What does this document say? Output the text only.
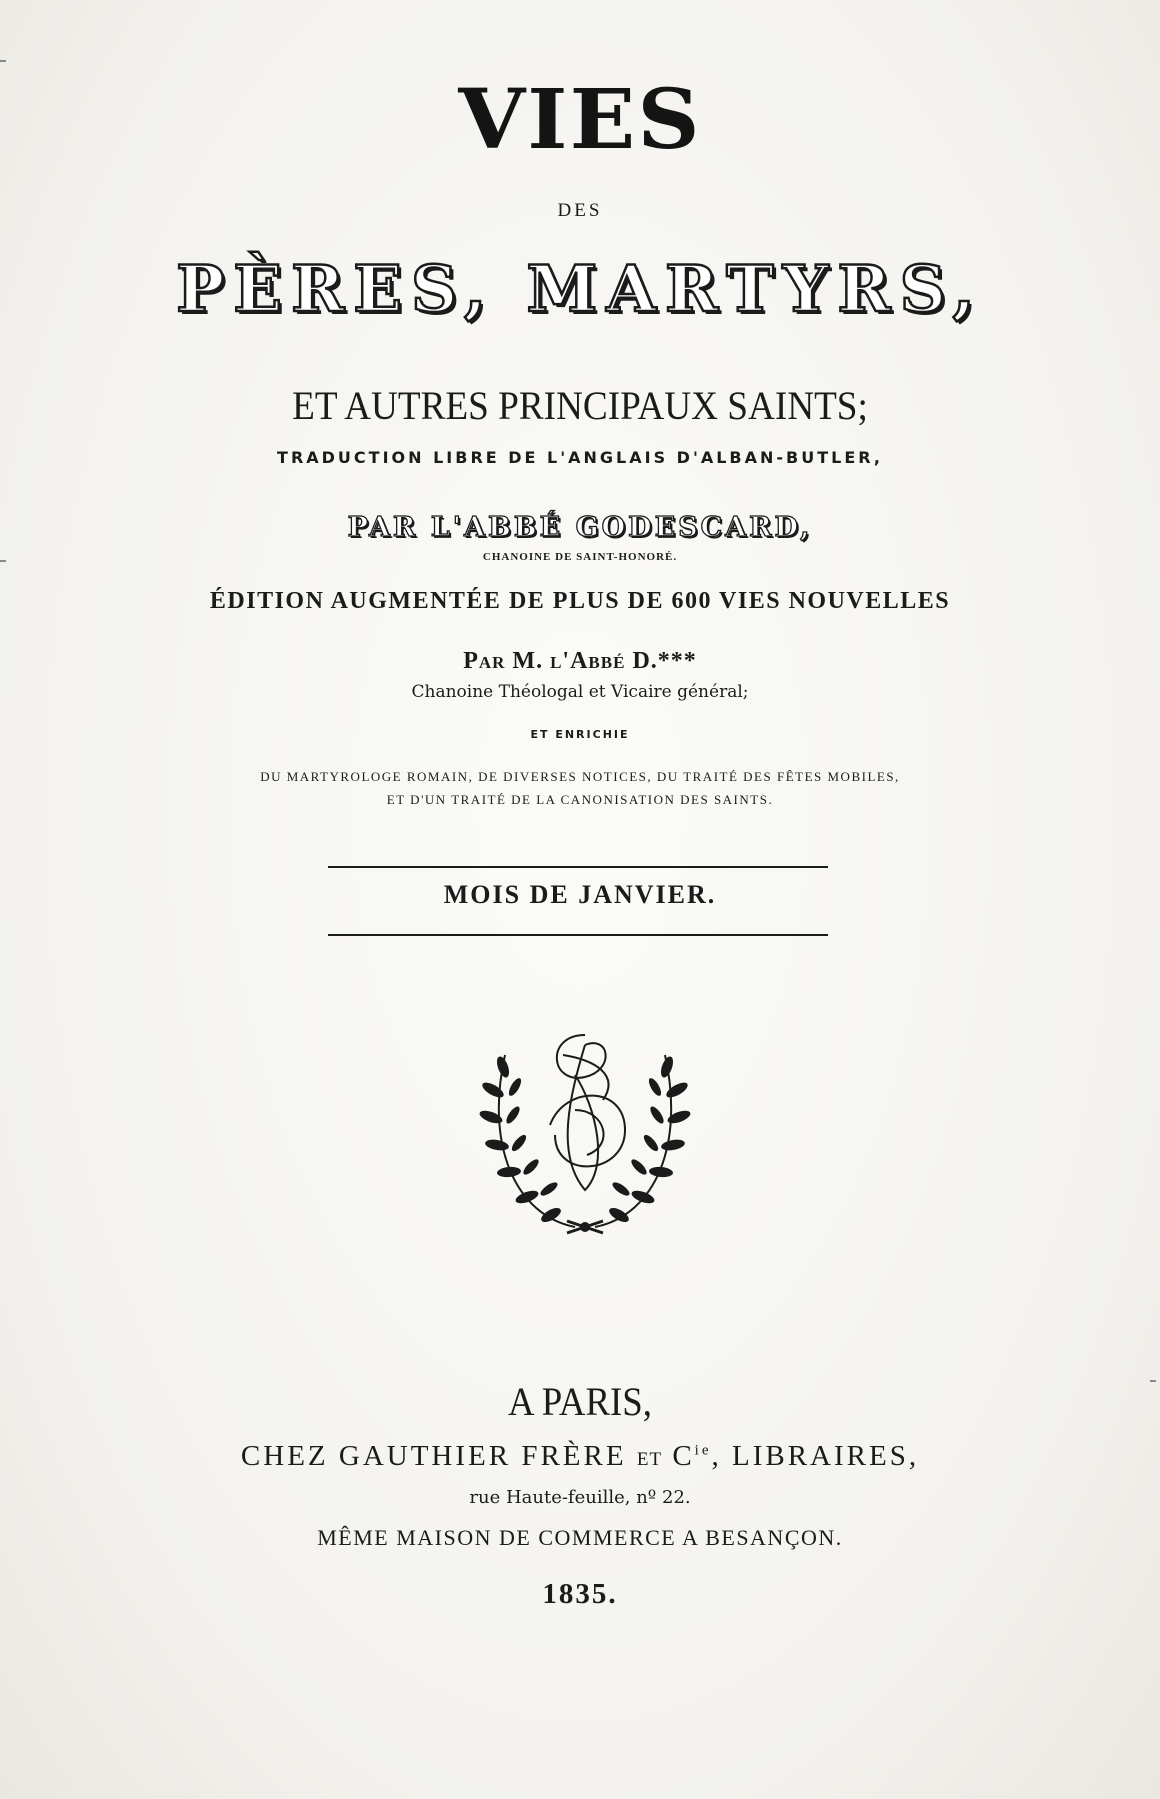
VIES
DES
PÈRES, MARTYRS,
ET AUTRES PRINCIPAUX SAINTS;
TRADUCTION LIBRE DE L'ANGLAIS D'ALBAN-BUTLER,
PAR L'ABBÉ GODESCARD,
CHANOINE DE SAINT-HONORÉ.
ÉDITION AUGMENTÉE DE PLUS DE 600 VIES NOUVELLES
Par M. l'Abbé D.***
Chanoine Théologal et Vicaire général;
ET ENRICHIE
DU MARTYROLOGE ROMAIN, DE DIVERSES NOTICES, DU TRAITÉ DES FÊTES MOBILES,
ET D'UN TRAITÉ DE LA CANONISATION DES SAINTS.
MOIS DE JANVIER.
A PARIS,
CHEZ GAUTHIER FRÈRE ET $C^{ie}$, LIBRAIRES,
rue Haute-feuille, nº 22.
MÊME MAISON DE COMMERCE A BESANÇON.
1835.
